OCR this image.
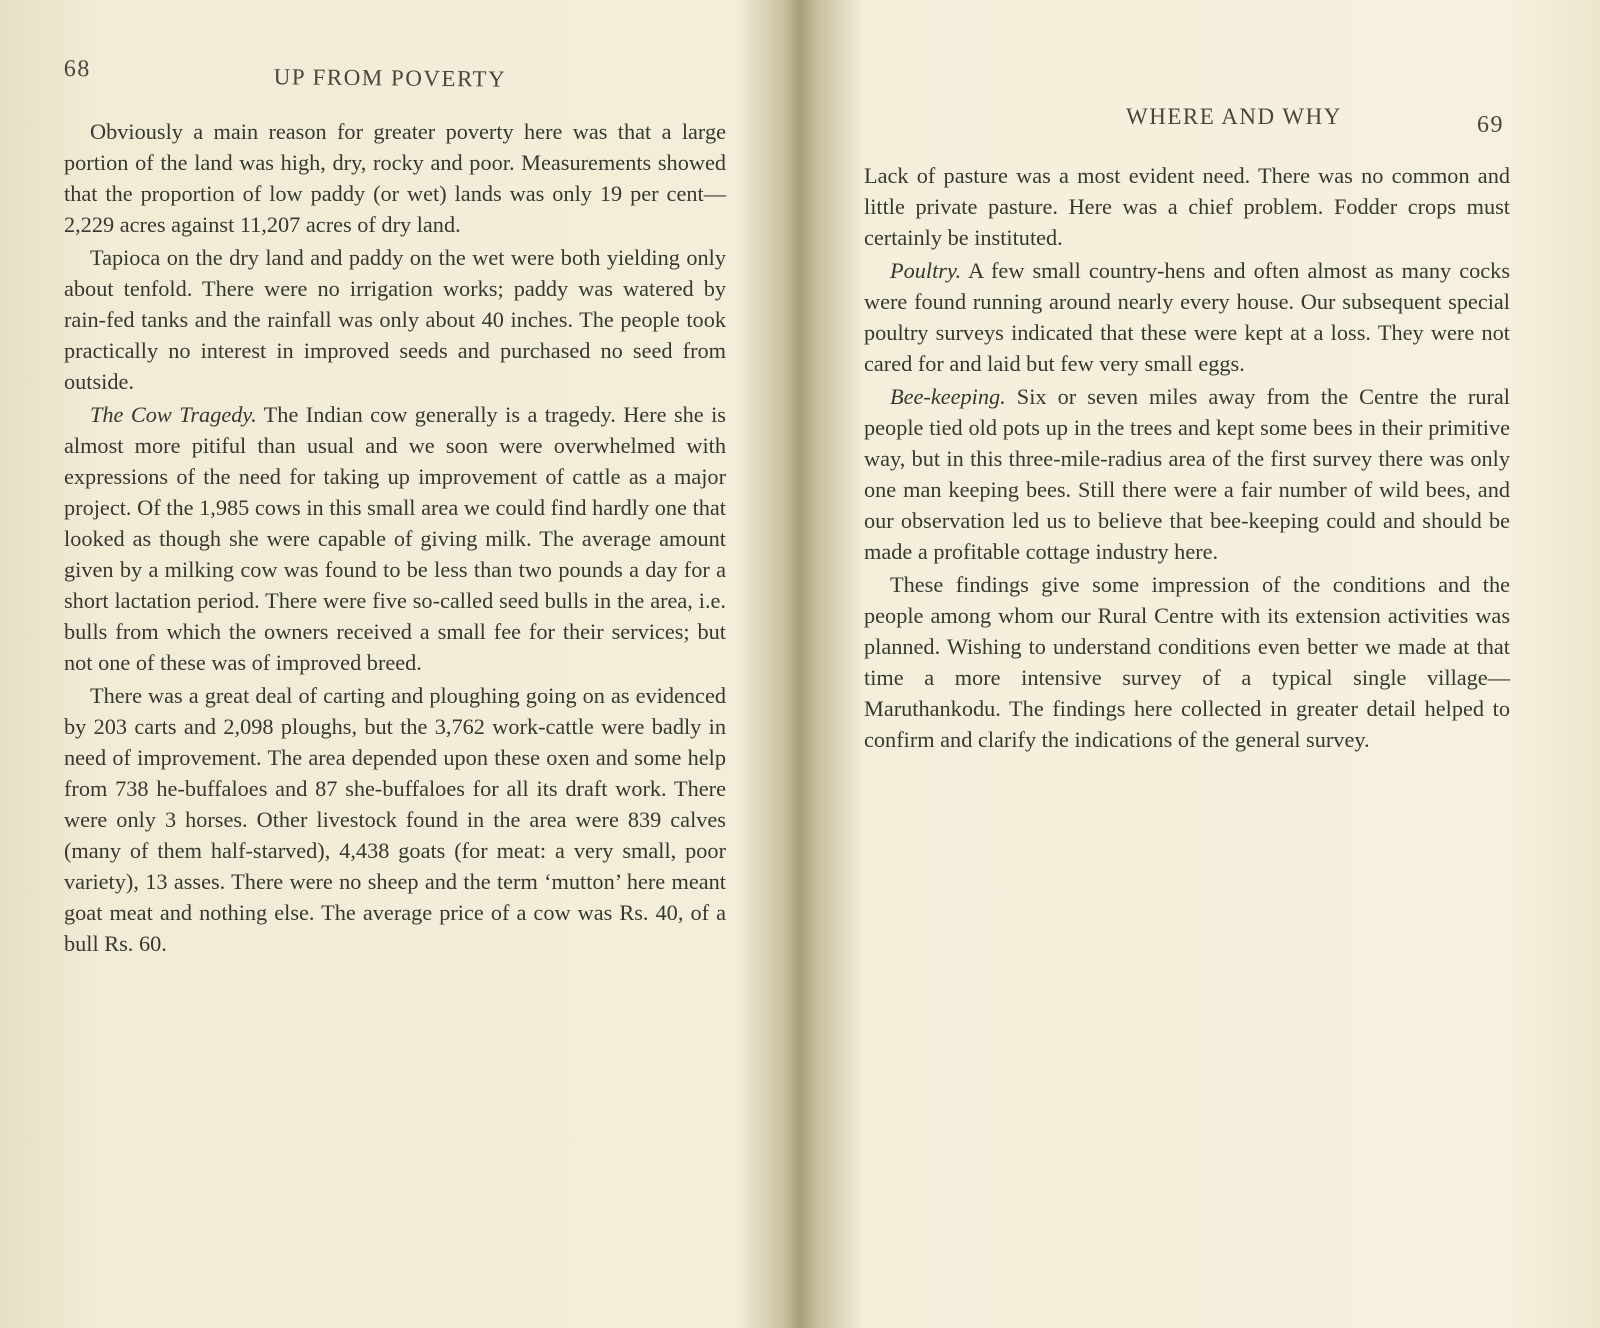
68	UP FROM POVERTY

Obviously a main reason for greater poverty here was that a large portion of the land was high, dry, rocky and poor. Measurements showed that the proportion of low paddy (or wet) lands was only 19 per cent—2,229 acres against 11,207 acres of dry land.

Tapioca on the dry land and paddy on the wet were both yielding only about tenfold. There were no irrigation works; paddy was watered by rain-fed tanks and the rainfall was only about 40 inches. The people took practically no interest in improved seeds and purchased no seed from outside.

The Cow Tragedy. The Indian cow generally is a tragedy. Here she is almost more pitiful than usual and we soon were overwhelmed with expressions of the need for taking up improvement of cattle as a major project. Of the 1,985 cows in this small area we could find hardly one that looked as though she were capable of giving milk. The average amount given by a milking cow was found to be less than two pounds a day for a short lactation period. There were five so-called seed bulls in the area, i.e. bulls from which the owners received a small fee for their services; but not one of these was of improved breed.

There was a great deal of carting and ploughing going on as evidenced by 203 carts and 2,098 ploughs, but the 3,762 work-cattle were badly in need of improvement. The area depended upon these oxen and some help from 738 he-buffaloes and 87 she-buffaloes for all its draft work. There were only 3 horses. Other livestock found in the area were 839 calves (many of them half-starved), 4,438 goats (for meat: a very small, poor variety), 13 asses. There were no sheep and the term ‘mutton’ here meant goat meat and nothing else. The average price of a cow was Rs. 40, of a bull Rs. 60.

WHERE AND WHY	69

Lack of pasture was a most evident need. There was no common and little private pasture. Here was a chief problem. Fodder crops must certainly be instituted.

Poultry. A few small country-hens and often almost as many cocks were found running around nearly every house. Our subsequent special poultry surveys indicated that these were kept at a loss. They were not cared for and laid but few very small eggs.

Bee-keeping. Six or seven miles away from the Centre the rural people tied old pots up in the trees and kept some bees in their primitive way, but in this three-mile-radius area of the first survey there was only one man keeping bees. Still there were a fair number of wild bees, and our observation led us to believe that bee-keeping could and should be made a profitable cottage industry here.

These findings give some impression of the conditions and the people among whom our Rural Centre with its extension activities was planned. Wishing to understand conditions even better we made at that time a more intensive survey of a typical single village—Maruthankodu. The findings here collected in greater detail helped to confirm and clarify the indications of the general survey.
